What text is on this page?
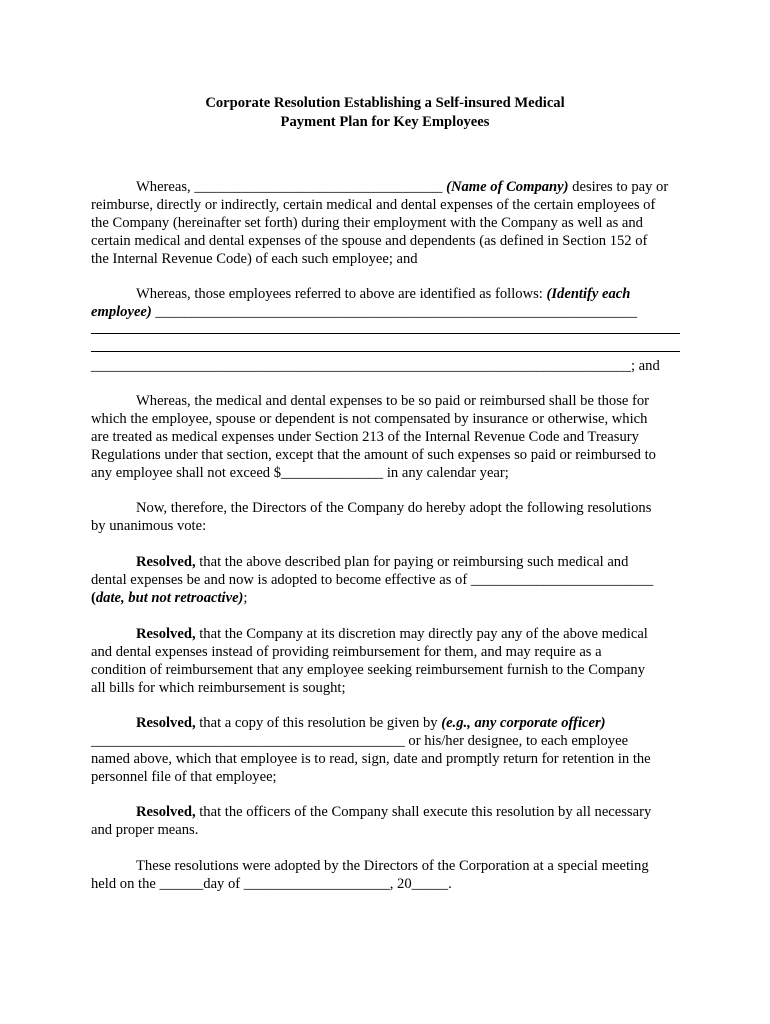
Corporate Resolution Establishing a Self-insured Medical
Payment Plan for Key Employees
Whereas, __________________________________ (Name of Company) desires to pay or
reimburse, directly or indirectly, certain medical and dental expenses of the certain employees of
the Company (hereinafter set forth) during their employment with the Company as well as and
certain medical and dental expenses of the spouse and dependents (as defined in Section 152 of
the Internal Revenue Code) of each such employee; and
Whereas, those employees referred to above are identified as follows: (Identify each
employee) __________________________________________________________________
__________________________________________________________________________; and
Whereas, the medical and dental expenses to be so paid or reimbursed shall be those for
which the employee, spouse or dependent is not compensated by insurance or otherwise, which
are treated as medical expenses under Section 213 of the Internal Revenue Code and Treasury
Regulations under that section, except that the amount of such expenses so paid or reimbursed to
any employee shall not exceed $______________ in any calendar year;
Now, therefore, the Directors of the Company do hereby adopt the following resolutions
by unanimous vote:
Resolved, that the above described plan for paying or reimbursing such medical and
dental expenses be and now is adopted to become effective as of _________________________
(date, but not retroactive);
Resolved, that the Company at its discretion may directly pay any of the above medical
and dental expenses instead of providing reimbursement for them, and may require as a
condition of reimbursement that any employee seeking reimbursement furnish to the Company
all bills for which reimbursement is sought;
Resolved, that a copy of this resolution be given by (e.g., any corporate officer)
___________________________________________ or his/her designee, to each employee
named above, which that employee is to read, sign, date and promptly return for retention in the
personnel file of that employee;
Resolved, that the officers of the Company shall execute this resolution by all necessary
and proper means.
These resolutions were adopted by the Directors of the Corporation at a special meeting
held on the ______day of ____________________, 20_____.
